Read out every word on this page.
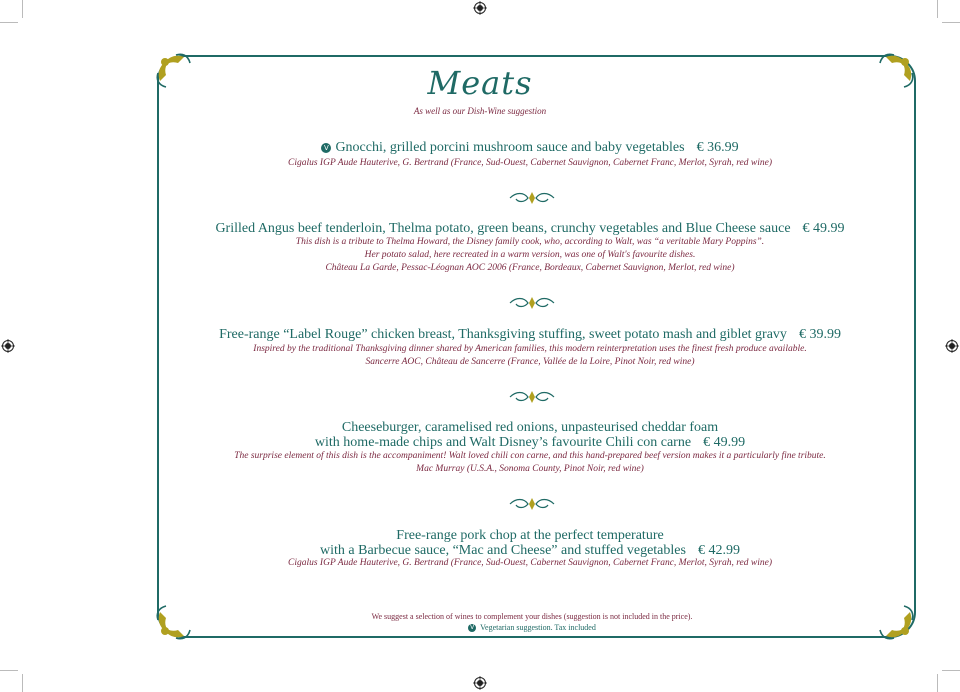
Meats
As well as our Dish-Wine suggestion
V Gnocchi, grilled porcini mushroom sauce and baby vegetables € 36.99
Cigalus IGP Aude Hauterive, G. Bertrand (France, Sud-Ouest, Cabernet Sauvignon, Cabernet Franc, Merlot, Syrah, red wine)
Grilled Angus beef tenderloin, Thelma potato, green beans, crunchy vegetables and Blue Cheese sauce € 49.99
This dish is a tribute to Thelma Howard, the Disney family cook, who, according to Walt, was “a veritable Mary Poppins”.
Her potato salad, here recreated in a warm version, was one of Walt's favourite dishes.
Château La Garde, Pessac-Léognan AOC 2006 (France, Bordeaux, Cabernet Sauvignon, Merlot, red wine)
Free-range “Label Rouge” chicken breast, Thanksgiving stuffing, sweet potato mash and giblet gravy € 39.99
Inspired by the traditional Thanksgiving dinner shared by American families, this modern reinterpretation uses the finest fresh produce available.
Sancerre AOC, Château de Sancerre (France, Vallée de la Loire, Pinot Noir, red wine)
Cheeseburger, caramelised red onions, unpasteurised cheddar foam
with home-made chips and Walt Disney’s favourite Chili con carne € 49.99
The surprise element of this dish is the accompaniment! Walt loved chili con carne, and this hand-prepared beef version makes it a particularly fine tribute.
Mac Murray (U.S.A., Sonoma County, Pinot Noir, red wine)
Free-range pork chop at the perfect temperature
with a Barbecue sauce, “Mac and Cheese” and stuffed vegetables € 42.99
Cigalus IGP Aude Hauterive, G. Bertrand (France, Sud-Ouest, Cabernet Sauvignon, Cabernet Franc, Merlot, Syrah, red wine)
We suggest a selection of wines to complement your dishes (suggestion is not included in the price).
V Vegetarian suggestion. Tax included
